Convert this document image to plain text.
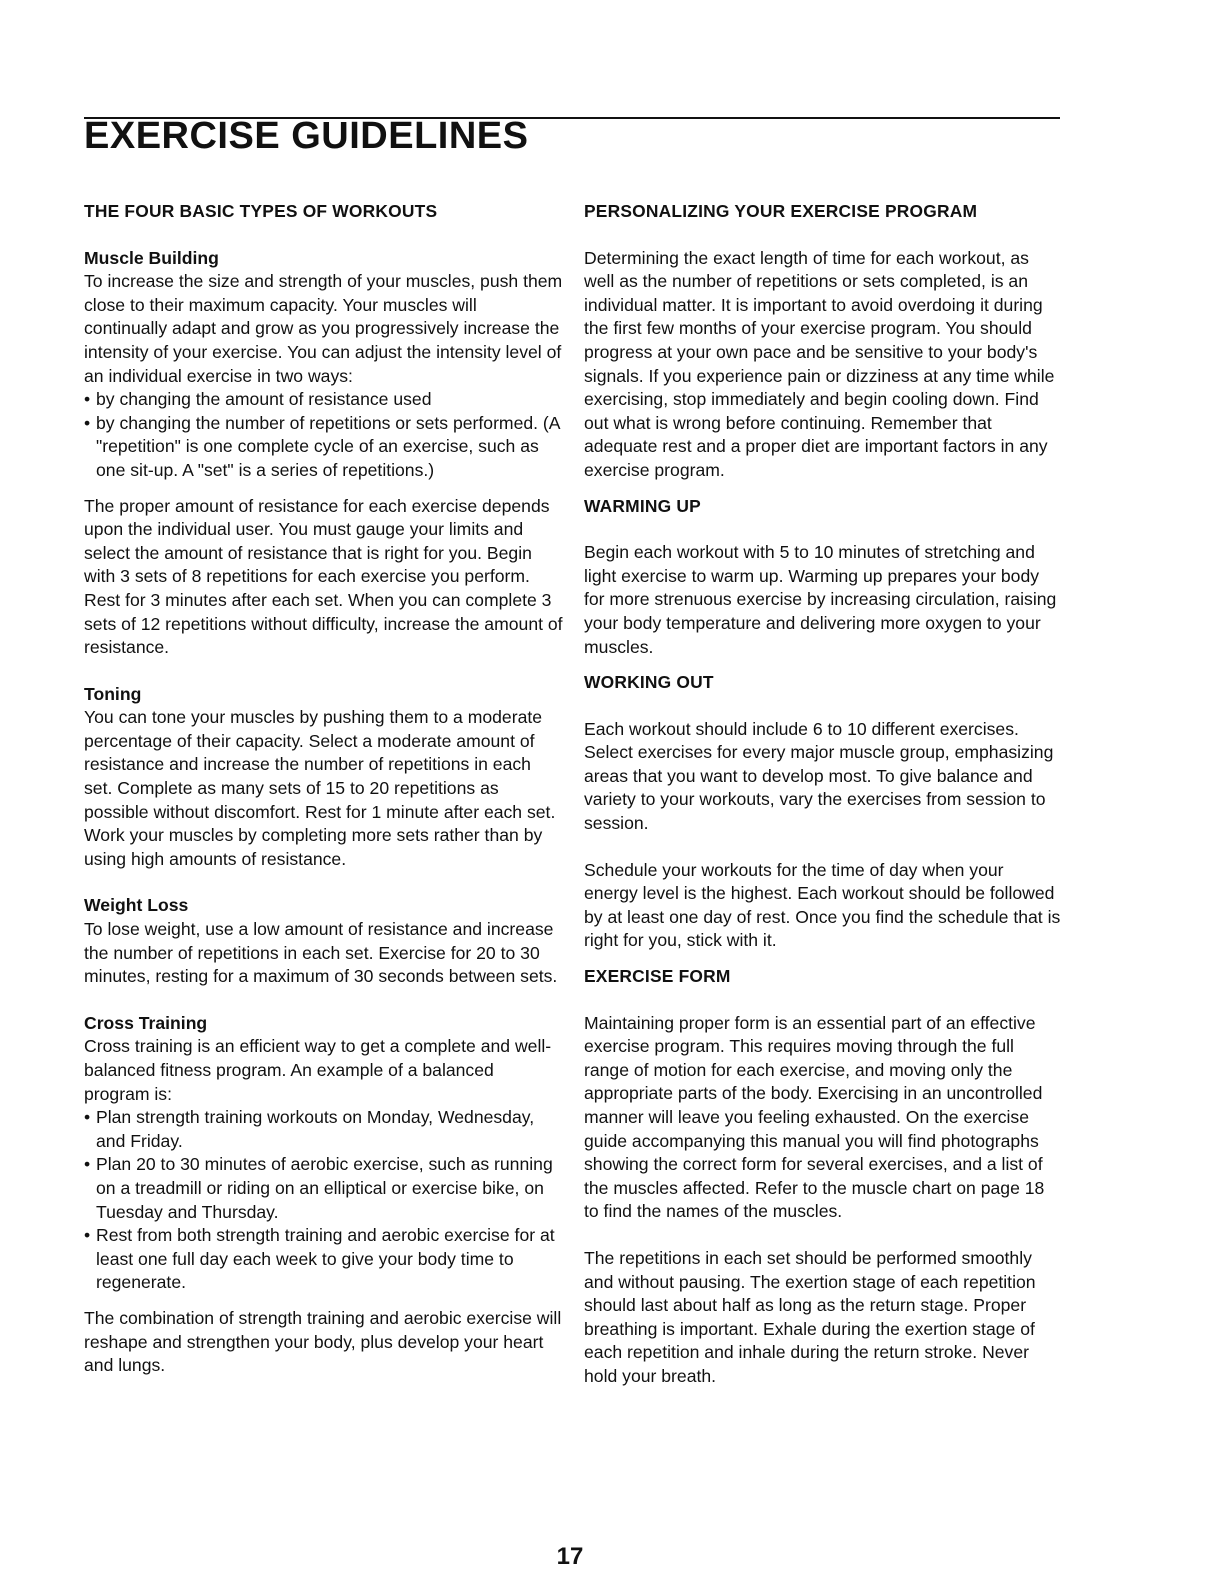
EXERCISE GUIDELINES
THE FOUR BASIC TYPES OF WORKOUTS
Muscle Building

To increase the size and strength of your muscles, push them close to their maximum capacity. Your muscles will continually adapt and grow as you progressively increase the intensity of your exercise. You can adjust the intensity level of an individual exercise in two ways:

• by changing the amount of resistance used
• by changing the number of repetitions or sets performed. (A "repetition" is one complete cycle of an exercise, such as one sit-up. A "set" is a series of repetitions.)

The proper amount of resistance for each exercise depends upon the individual user. You must gauge your limits and select the amount of resistance that is right for you. Begin with 3 sets of 8 repetitions for each exercise you perform. Rest for 3 minutes after each set. When you can complete 3 sets of 12 repetitions without difficulty, increase the amount of resistance.

Toning

You can tone your muscles by pushing them to a moderate percentage of their capacity. Select a moderate amount of resistance and increase the number of repetitions in each set. Complete as many sets of 15 to 20 repetitions as possible without discomfort. Rest for 1 minute after each set. Work your muscles by completing more sets rather than by using high amounts of resistance.

Weight Loss

To lose weight, use a low amount of resistance and increase the number of repetitions in each set. Exercise for 20 to 30 minutes, resting for a maximum of 30 seconds between sets.

Cross Training

Cross training is an efficient way to get a complete and well-balanced fitness program. An example of a balanced program is:

• Plan strength training workouts on Monday, Wednesday, and Friday.
• Plan 20 to 30 minutes of aerobic exercise, such as running on a treadmill or riding on an elliptical or exercise bike, on Tuesday and Thursday.
• Rest from both strength training and aerobic exercise for at least one full day each week to give your body time to regenerate.

The combination of strength training and aerobic exercise will reshape and strengthen your body, plus develop your heart and lungs.

PERSONALIZING YOUR EXERCISE PROGRAM

Determining the exact length of time for each workout, as well as the number of repetitions or sets completed, is an individual matter. It is important to avoid overdoing it during the first few months of your exercise program. You should progress at your own pace and be sensitive to your body's signals. If you experience pain or dizziness at any time while exercising, stop immediately and begin cooling down. Find out what is wrong before continuing. Remember that adequate rest and a proper diet are important factors in any exercise program.

WARMING UP

Begin each workout with 5 to 10 minutes of stretching and light exercise to warm up. Warming up prepares your body for more strenuous exercise by increasing circulation, raising your body temperature and delivering more oxygen to your muscles.

WORKING OUT

Each workout should include 6 to 10 different exercises. Select exercises for every major muscle group, emphasizing areas that you want to develop most. To give balance and variety to your workouts, vary the exercises from session to session.

Schedule your workouts for the time of day when your energy level is the highest. Each workout should be followed by at least one day of rest. Once you find the schedule that is right for you, stick with it.

EXERCISE FORM

Maintaining proper form is an essential part of an effective exercise program. This requires moving through the full range of motion for each exercise, and moving only the appropriate parts of the body. Exercising in an uncontrolled manner will leave you feeling exhausted. On the exercise guide accompanying this manual you will find photographs showing the correct form for several exercises, and a list of the muscles affected. Refer to the muscle chart on page 18 to find the names of the muscles.

The repetitions in each set should be performed smoothly and without pausing. The exertion stage of each repetition should last about half as long as the return stage. Proper breathing is important. Exhale during the exertion stage of each repetition and inhale during the return stroke. Never hold your breath.

17
